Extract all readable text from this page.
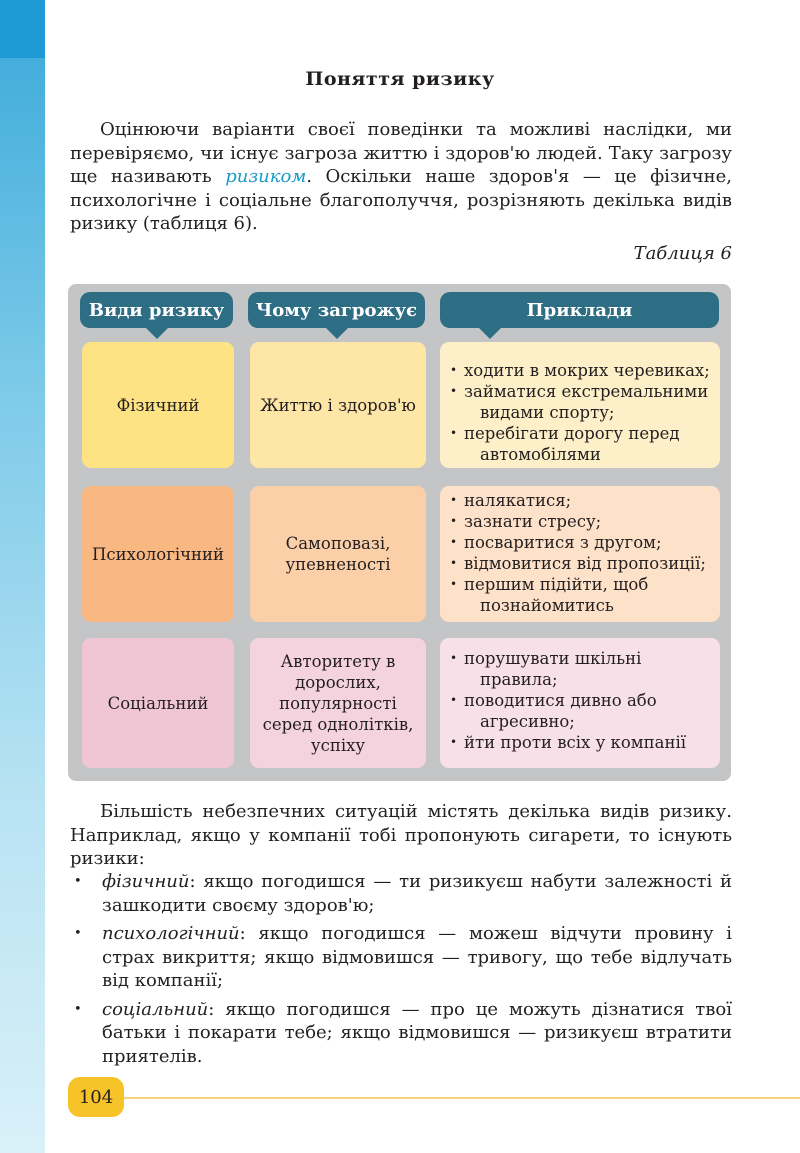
Поняття ризику
Оцінюючи варіанти своєї поведінки та можливі наслідки, ми перевіряємо, чи існує загроза життю і здоров'ю людей. Таку загрозу ще називають ризиком. Оскільки наше здоров'я — це фізичне, психологічне і соціальне благополуччя, розрізняють декілька видів ризику (таблиця 6).
Таблиця 6
Види ризику Чому загрожує	Приклади
Фізичний	Життю і здоров'ю
• ходити в мокрих черевиках;
• займатися екстремальними
видами спорту;
• перебігати дорогу перед
автомобілями
Психологічний
Самоповазі, упевненості
• налякатися;
• зазнати стресу;
• посваритися з другом;
• відмовитися від пропозиції;
• першим підійти, щоб
познайомитись
Соціальний
Авторитету в дорослих, популярності серед однолітків, успіху
• порушувати шкільні
правила;
• поводитися дивно або
агресивно;
• йти проти всіх у компанії
Більшість небезпечних ситуацій містять декілька видів ризику. Наприклад, якщо у компанії тобі пропонують сигарети, то існують ризики:
• фізичний: якщо погодишся — ти ризикуєш набути залежності й зашкодити своєму здоров'ю;
• психологічний: якщо погодишся — можеш відчути провину і страх викриття; якщо відмовишся — тривогу, що тебе відлучать від компанії;
• соціальний: якщо погодишся — про це можуть дізнатися твої батьки і покарати тебе; якщо відмовишся — ризикуєш втратити приятелів.
104
